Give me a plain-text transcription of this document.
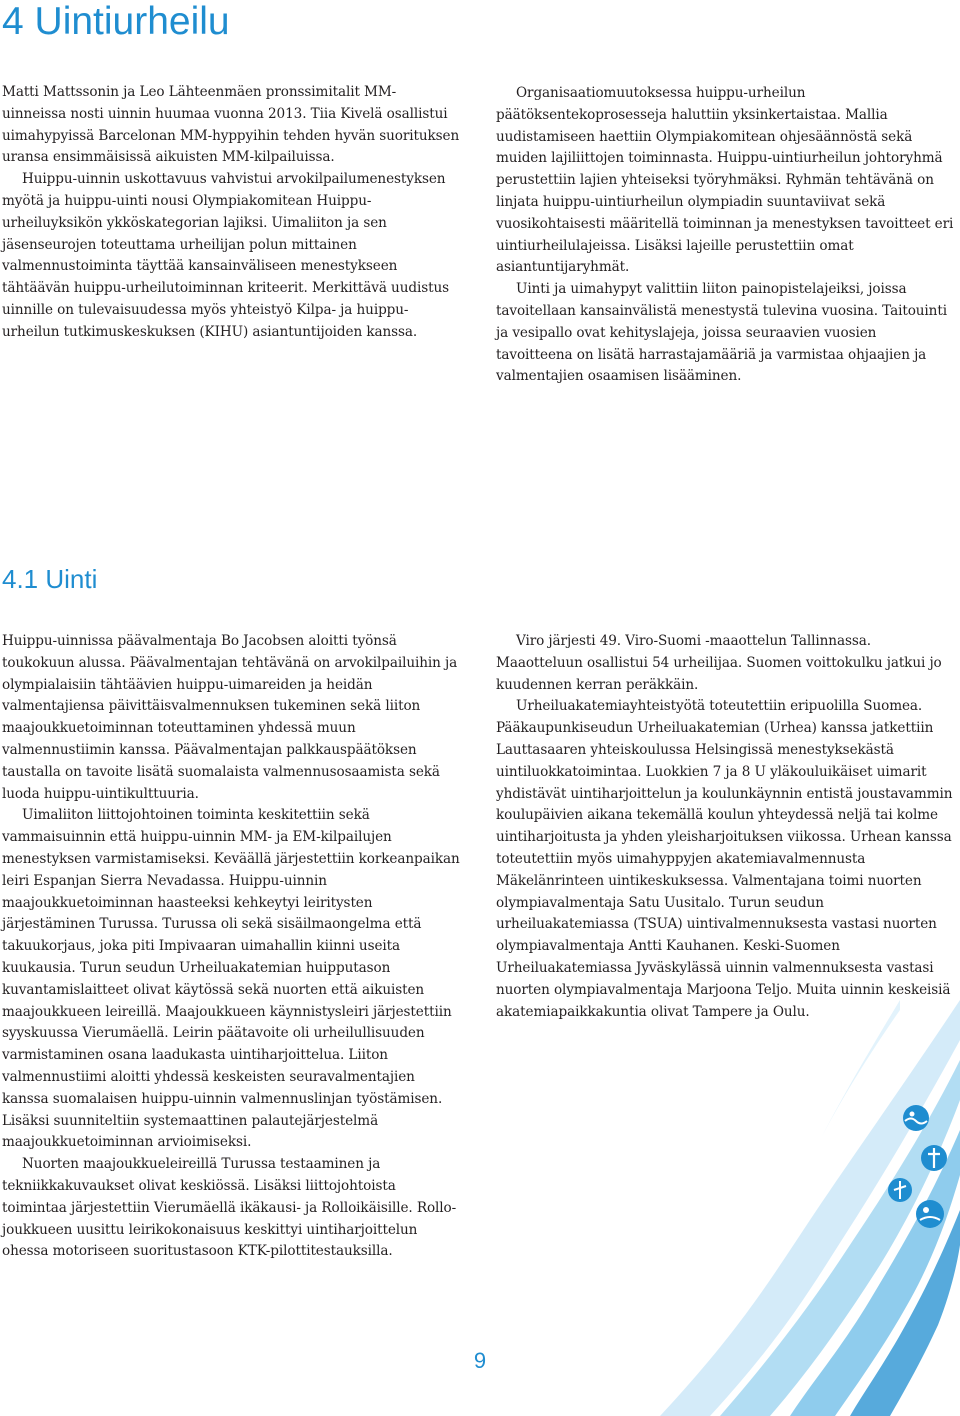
4 Uintiurheilu

Matti Mattssonin ja Leo Lähteenmäen pronssimitalit MM-uinneissa nosti uinnin huumaa vuonna 2013. Tiia Kivelä osallistui uimahypyissä Barcelonan MM-hyppyihin tehden hyvän suorituksen uransa ensimmäisissä aikuisten MM-kilpailuissa.

Huippu-uinnin uskottavuus vahvistui arvokilpailumenestyksen myötä ja huippu-uinti nousi Olympiakomitean Huippu-urheiluyksikön ykköskategorian lajiksi. Uimaliiton ja sen jäsenseurojen toteuttama urheilijan polun mittainen valmennustoiminta täyttää kansainväliseen menestykseen tähtäävän huippu-urheilutoiminnan kriteerit. Merkittävä uudistus uinnille on tulevaisuudessa myös yhteistyö Kilpa- ja huippu-urheilun tutkimuskeskuksen (KIHU) asiantuntijoiden kanssa.

Organisaatiomuutoksessa huippu-urheilun päätöksentekoprosesseja haluttiin yksinkertaistaa. Mallia uudistamiseen haettiin Olympiakomitean ohjesäännöstä sekä muiden lajiliittojen toiminnasta. Huippu-uintiurheilun johtoryhmä perustettiin lajien yhteiseksi työryhmäksi. Ryhmän tehtävänä on linjata huippu-uintiurheilun olympiadin suuntaviivat sekä vuosikohtaisesti määritellä toiminnan ja menestyksen tavoitteet eri uintiurheilulajeissa. Lisäksi lajeille perustettiin omat asiantuntijaryhmät.

Uinti ja uimahypyt valittiin liiton painopistelajeiksi, joissa tavoitellaan kansainvälistä menestystä tulevina vuosina. Taitouinti ja vesipallo ovat kehityslajeja, joissa seuraavien vuosien tavoitteena on lisätä harrastajamääriä ja varmistaa ohjaajien ja valmentajien osaamisen lisääminen.

4.1 Uinti

Huippu-uinnissa päävalmentaja Bo Jacobsen aloitti työnsä toukokuun alussa. Päävalmentajan tehtävänä on arvokilpailuihin ja olympialaisiin tähtäävien huippu-uimareiden ja heidän valmentajiensa päivittäisvalmennuksen tukeminen sekä liiton maajoukkuetoiminnan toteuttaminen yhdessä muun valmennustiimin kanssa. Päävalmentajan palkkauspäätöksen taustalla on tavoite lisätä suomalaista valmennusosaamista sekä luoda huippu-uintikulttuuria.

Uimaliiton liittojohtoinen toiminta keskitettiin sekä vammaisuinnin että huippu-uinnin MM- ja EM-kilpailujen menestyksen varmistamiseksi. Keväällä järjestettiin korkeanpaikan leiri Espanjan Sierra Nevadassa. Huippu-uinnin maajoukkuetoiminnan haasteeksi kehkeytyi leiritysten järjestäminen Turussa. Turussa oli sekä sisäilmaongelma että takuukorjaus, joka piti Impivaaran uimahallin kiinni useita kuukausia. Turun seudun Urheiluakatemian huipputason kuvantamislaitteet olivat käytössä sekä nuorten että aikuisten maajoukkueen leireillä. Maajoukkueen käynnistysleiri järjestettiin syyskuussa Vierumäellä. Leirin päätavoite oli urheilullisuuden varmistaminen osana laadukasta uintiharjoittelua. Liiton valmennustiimi aloitti yhdessä keskeisten seuravalmentajien kanssa suomalaisen huippu-uinnin valmennuslinjan työstämisen. Lisäksi suunniteltiin systemaattinen palautejärjestelmä maajoukkuetoiminnan arvioimiseksi.

Nuorten maajoukkueleireillä Turussa testaaminen ja tekniikkakuvaukset olivat keskiössä. Lisäksi liittojohtoista toimintaa järjestettiin Vierumäellä ikäkausi- ja Rolloikäisille. Rollo-joukkueen uusittu leirikokonaisuus keskittyi uintiharjoittelun ohessa motoriseen suoritustasoon KTK-pilottitestauksilla.

Viro järjesti 49. Viro-Suomi -maaottelun Tallinnassa. Maaotteluun osallistui 54 urheilijaa. Suomen voittokulku jatkui jo kuudennen kerran peräkkäin.

Urheiluakatemiayhteistyötä toteutettiin eripuolilla Suomea. Pääkaupunkiseudun Urheiluakatemian (Urhea) kanssa jatkettiin Lauttasaaren yhteiskoulussa Helsingissä menestyksekästä uintiluokkatoimintaa. Luokkien 7 ja 8 U yläkouluikäiset uimarit yhdistävät uintiharjoittelun ja koulunkäynnin entistä joustavammin koulupäivien aikana tekemällä koulun yhteydessä neljä tai kolme uintiharjoitusta ja yhden yleisharjoituksen viikossa. Urhean kanssa toteutettiin myös uimahyppyjen akatemiavalmennusta Mäkelänrinteen uintikeskuksessa. Valmentajana toimi nuorten olympiavalmentaja Satu Uusitalo. Turun seudun urheiluakatemiassa (TSUA) uintivalmennuksesta vastasi nuorten olympiavalmentaja Antti Kauhanen. Keski-Suomen Urheiluakatemiassa Jyväskylässä uinnin valmennuksesta vastasi nuorten olympiavalmentaja Marjoona Teljo. Muita uinnin keskeisiä akatemiapaikkakuntia olivat Tampere ja Oulu.

9
